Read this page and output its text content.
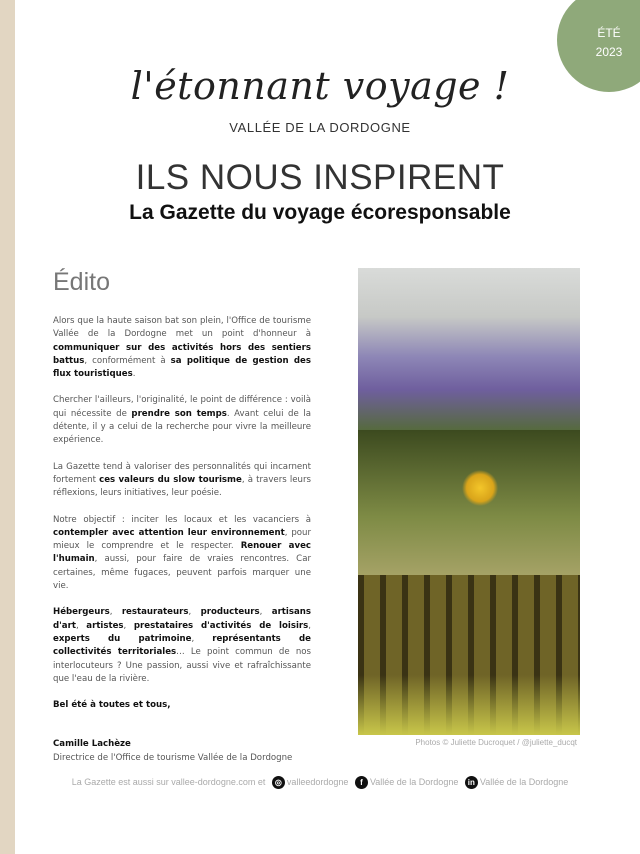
ÉTÉ
2023
l'étonnant voyage !
VALLÉE DE LA DORDOGNE
ILS NOUS INSPIRENT
La Gazette du voyage écoresponsable
Édito

Alors que la haute saison bat son plein, l'Office de tourisme Vallée de la Dordogne met un point d'honneur à communiquer sur des activités hors des sentiers battus, conformément à sa politique de gestion des flux touristiques.

Chercher l'ailleurs, l'originalité, le point de différence : voilà qui nécessite de prendre son temps. Avant celui de la détente, il y a celui de la recherche pour vivre la meilleure expérience.

La Gazette tend à valoriser des personnalités qui incarnent fortement ces valeurs du slow tourisme, à travers leurs réflexions, leurs initiatives, leur poésie.

Notre objectif : inciter les locaux et les vacanciers à contempler avec attention leur environnement, pour mieux le comprendre et le respecter. Renouer avec l'humain, aussi, pour faire de vraies rencontres. Car certaines, même fugaces, peuvent parfois marquer une vie.

Hébergeurs, restaurateurs, producteurs, artisans d'art, artistes, prestataires d'activités de loisirs, experts du patrimoine, représentants de collectivités territoriales… Le point commun de nos interlocuteurs ? Une passion, aussi vive et rafraîchissante que l'eau de la rivière.

Bel été à toutes et tous,

Camille Lachèze
Directrice de l'Office de tourisme Vallée de la Dordogne
Photos © Juliette Ducroquet / @juliette_ducqt
La Gazette est aussi sur vallee-dordogne.com et ◎ valleedordogne f Vallée de la Dordogne in Vallée de la Dordogne
